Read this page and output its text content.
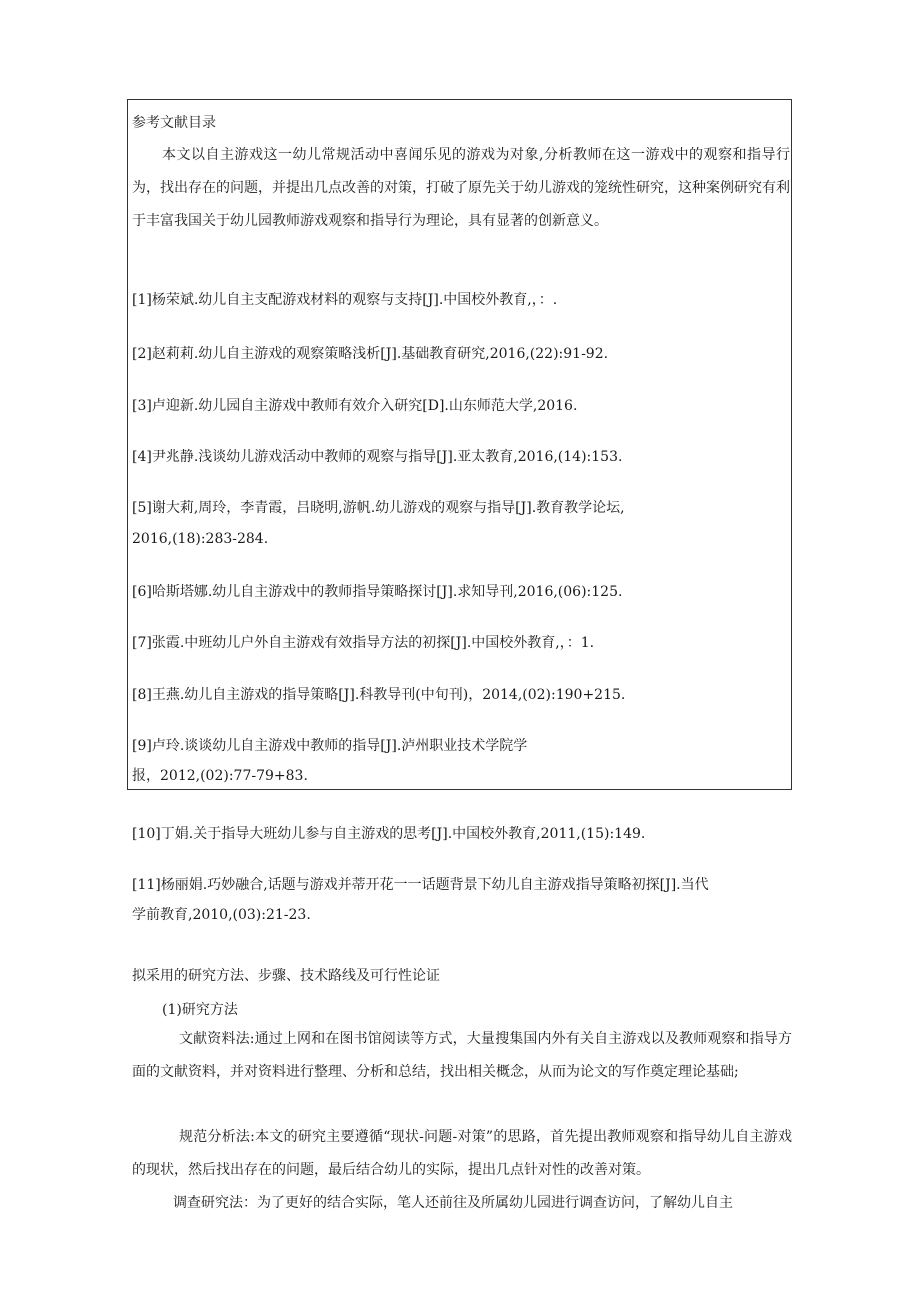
参考文献目录
本文以自主游戏这一幼儿常规活动中喜闻乐见的游戏为对象,分析教师在这一游戏中的观察和指导行为，找出存在的问题，并提出几点改善的对策，打破了原先关于幼儿游戏的笼统性研究，这种案例研究有利于丰富我国关于幼儿园教师游戏观察和指导行为理论，具有显著的创新意义。
[1]杨荣斌.幼儿自主支配游戏材料的观察与支持[J].中国校外教育,，：.
[2]赵莉莉.幼儿自主游戏的观察策略浅析[J].基础教育研究,2016,(22):91-92.
[3]卢迎新.幼儿园自主游戏中教师有效介入研究[D].山东师范大学,2016.
[4]尹兆静.浅谈幼儿游戏活动中教师的观察与指导[J].亚太教育,2016,(14):153.
[5]谢大莉,周玲，李青霞，吕晓明,游帆.幼儿游戏的观察与指导[J].教育教学论坛,
2016,(18):283-284.
[6]哈斯塔娜.幼儿自主游戏中的教师指导策略探讨[J].求知导刊,2016,(06):125.
[7]张霞.中班幼儿户外自主游戏有效指导方法的初探[J].中国校外教育,，：1.
[8]王燕.幼儿自主游戏的指导策略[J].科教导刊(中旬刊)，2014,(02):190+215.
[9]卢玲.谈谈幼儿自主游戏中教师的指导[J].泸州职业技术学院学
报，2012,(02):77-79+83.
[10]丁娟.关于指导大班幼儿参与自主游戏的思考[J].中国校外教育,2011,(15):149.
[11]杨丽娟.巧妙融合,话题与游戏并蒂开花一一话题背景下幼儿自主游戏指导策略初探[J].当代
学前教育,2010,(03):21-23.
拟采用的研究方法、步骤、技术路线及可行性论证
(1)研究方法
文献资料法:通过上网和在图书馆阅读等方式，大量搜集国内外有关自主游戏以及教师观察和指导方面的文献资料，并对资料进行整理、分析和总结，找出相关概念，从而为论文的写作奠定理论基础;
规范分析法:本文的研究主要遵循“现状-问题-对策”的思路，首先提出教师观察和指导幼儿自主游戏的现状，然后找出存在的问题，最后结合幼儿的实际，提出几点针对性的改善对策。
调查研究法：为了更好的结合实际，笔人还前往及所属幼儿园进行调查访问，了解幼儿自主
